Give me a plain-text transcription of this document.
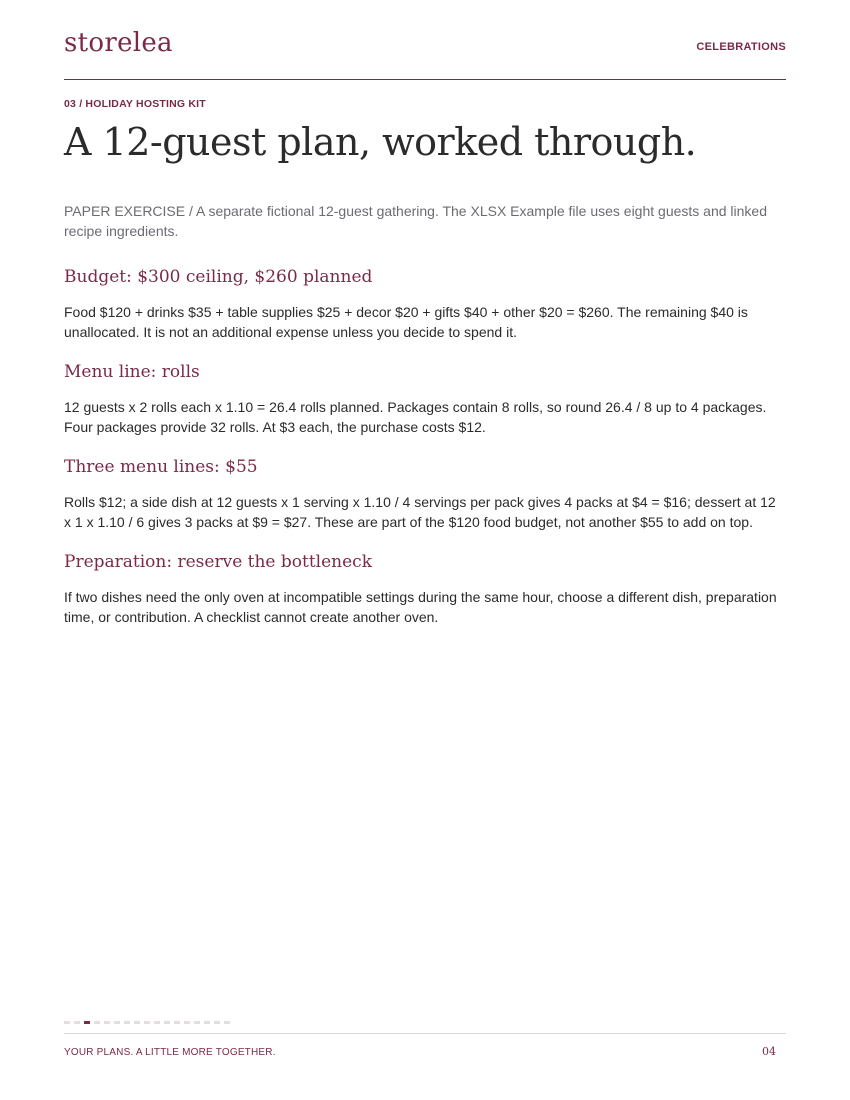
storelea	CELEBRATIONS
03 / HOLIDAY HOSTING KIT
A 12-guest plan, worked through.

PAPER EXERCISE / A separate fictional 12-guest gathering. The XLSX Example file uses eight guests and linked recipe ingredients.

Budget: $300 ceiling, $260 planned

Food $120 + drinks $35 + table supplies $25 + decor $20 + gifts $40 + other $20 = $260. The remaining $40 is unallocated. It is not an additional expense unless you decide to spend it.

Menu line: rolls

12 guests x 2 rolls each x 1.10 = 26.4 rolls planned. Packages contain 8 rolls, so round 26.4 / 8 up to 4 packages. Four packages provide 32 rolls. At $3 each, the purchase costs $12.

Three menu lines: $55

Rolls $12; a side dish at 12 guests x 1 serving x 1.10 / 4 servings per pack gives 4 packs at $4 = $16; dessert at 12 x 1 x 1.10 / 6 gives 3 packs at $9 = $27. These are part of the $120 food budget, not another $55 to add on top.

Preparation: reserve the bottleneck

If two dishes need the only oven at incompatible settings during the same hour, choose a different dish, preparation time, or contribution. A checklist cannot create another oven.

YOUR PLANS. A LITTLE MORE TOGETHER.	04
